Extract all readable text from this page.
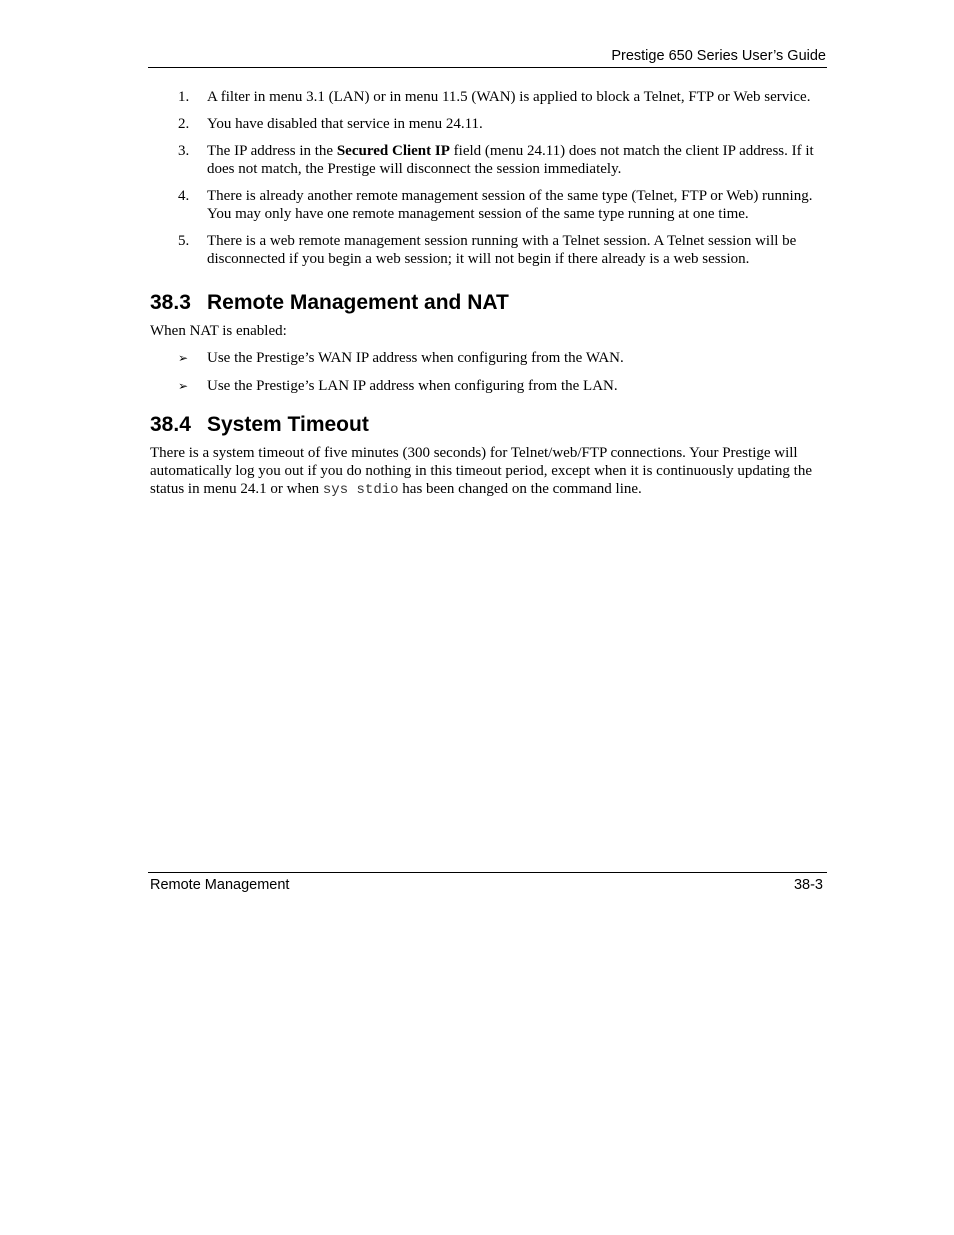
Prestige 650 Series User’s Guide
1. A filter in menu 3.1 (LAN) or in menu 11.5 (WAN) is applied to block a Telnet, FTP or Web service.
2. You have disabled that service in menu 24.11.
3. The IP address in the Secured Client IP field (menu 24.11) does not match the client IP address. If it does not match, the Prestige will disconnect the session immediately.
4. There is already another remote management session of the same type (Telnet, FTP or Web) running. You may only have one remote management session of the same type running at one time.
5. There is a web remote management session running with a Telnet session. A Telnet session will be disconnected if you begin a web session; it will not begin if there already is a web session.
38.3 Remote Management and NAT

When NAT is enabled:

➢ Use the Prestige’s WAN IP address when configuring from the WAN.
➢ Use the Prestige’s LAN IP address when configuring from the LAN.
38.4 System Timeout

There is a system timeout of five minutes (300 seconds) for Telnet/web/FTP connections. Your Prestige will automatically log you out if you do nothing in this timeout period, except when it is continuously updating the status in menu 24.1 or when sys stdio has been changed on the command line.

Remote Management	38-3
